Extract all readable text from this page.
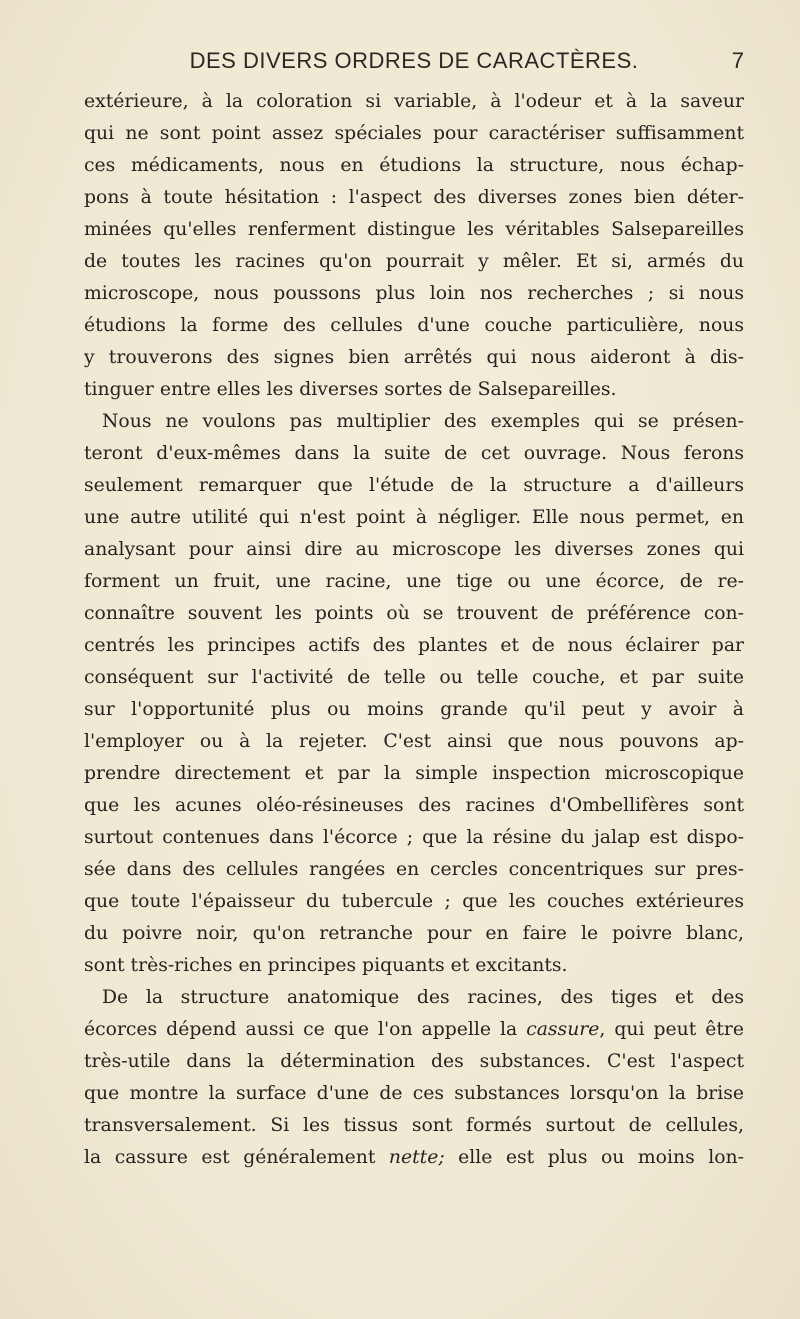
DES DIVERS ORDRES DE CARACTÈRES.	7
extérieure, à la coloration si variable, à l'odeur et à la saveur
qui ne sont point assez spéciales pour caractériser suffisamment
ces médicaments, nous en étudions la structure, nous échap-
pons à toute hésitation : l'aspect des diverses zones bien déter-
minées qu'elles renferment distingue les véritables Salsepareilles
de toutes les racines qu'on pourrait y mêler. Et si, armés du
microscope, nous poussons plus loin nos recherches ; si nous
étudions la forme des cellules d'une couche particulière, nous
y trouverons des signes bien arrêtés qui nous aideront à dis-
tinguer entre elles les diverses sortes de Salsepareilles.
Nous ne voulons pas multiplier des exemples qui se présen-
teront d'eux-mêmes dans la suite de cet ouvrage. Nous ferons
seulement remarquer que l'étude de la structure a d'ailleurs
une autre utilité qui n'est point à négliger. Elle nous permet, en
analysant pour ainsi dire au microscope les diverses zones qui
forment un fruit, une racine, une tige ou une écorce, de re-
connaître souvent les points où se trouvent de préférence con-
centrés les principes actifs des plantes et de nous éclairer par
conséquent sur l'activité de telle ou telle couche, et par suite
sur l'opportunité plus ou moins grande qu'il peut y avoir à
l'employer ou à la rejeter. C'est ainsi que nous pouvons ap-
prendre directement et par la simple inspection microscopique
que les acunes oléo-résineuses des racines d'Ombellifères sont
surtout contenues dans l'écorce ; que la résine du jalap est dispo-
sée dans des cellules rangées en cercles concentriques sur pres-
que toute l'épaisseur du tubercule ; que les couches extérieures
du poivre noir, qu'on retranche pour en faire le poivre blanc,
sont très-riches en principes piquants et excitants.
De la structure anatomique des racines, des tiges et des
écorces dépend aussi ce que l'on appelle la cassure, qui peut être
très-utile dans la détermination des substances. C'est l'aspect
que montre la surface d'une de ces substances lorsqu'on la brise
transversalement. Si les tissus sont formés surtout de cellules,
la cassure est généralement nette; elle est plus ou moins lon-
